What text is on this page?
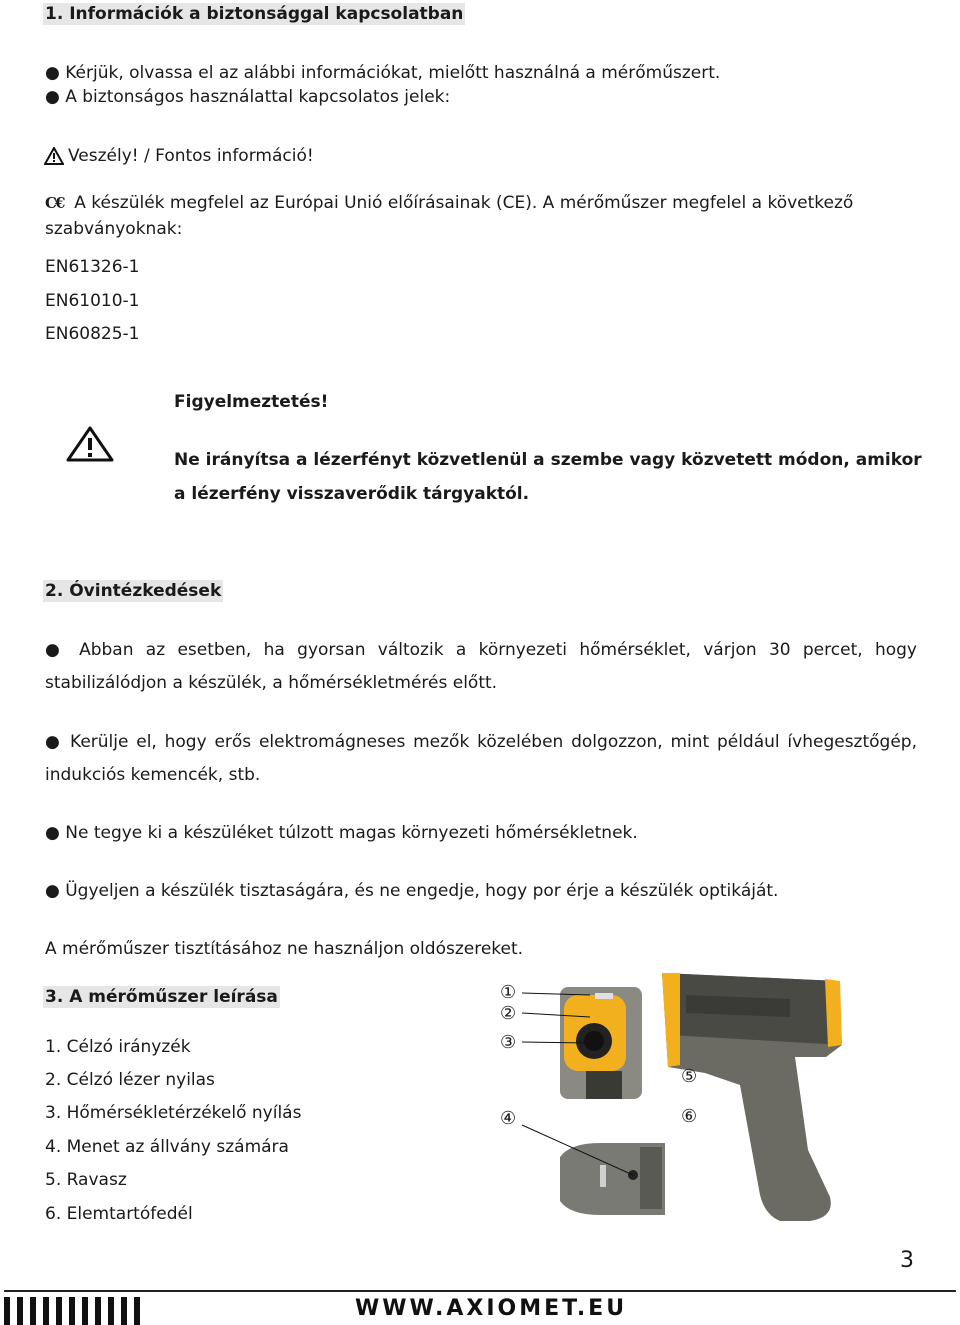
1. Információk a biztonsággal kapcsolatban
● Kérjük, olvassa el az alábbi információkat, mielőtt használná a mérőműszert.
● A biztonságos használattal kapcsolatos jelek:
Veszély! / Fontos információ!
C€  A készülék megfelel az Európai Unió előírásainak (CE). A mérőműszer megfelel a következő
szabványoknak:
EN61326-1
EN61010-1
EN60825-1
Figyelmeztetés!
Ne irányítsa a lézerfényt közvetlenül a szembe vagy közvetett módon, amikor
a lézerfény visszaverődik tárgyaktól.
2. Óvintézkedések
● Abban az esetben, ha gyorsan változik a környezeti hőmérséklet, várjon 30 percet, hogy stabilizálódjon a készülék, a hőmérsékletmérés előtt.
● Kerülje el, hogy erős elektromágneses mezők közelében dolgozzon, mint például ívhegesztőgép, indukciós kemencék, stb.
● Ne tegye ki a készüléket túlzott magas környezeti hőmérsékletnek.
● Ügyeljen a készülék tisztaságára, és ne engedje, hogy por érje a készülék optikáját.
A mérőműszer tisztításához ne használjon oldószereket.
3. A mérőműszer leírása
1. Célzó irányzék
2. Célzó lézer nyilas
3. Hőmérsékletérzékelő nyílás
4. Menet az állvány számára
5. Ravasz
6. Elemtartófedél
①
②
③
④
⑤
⑥
3
WWW.AXIOMET.EU
